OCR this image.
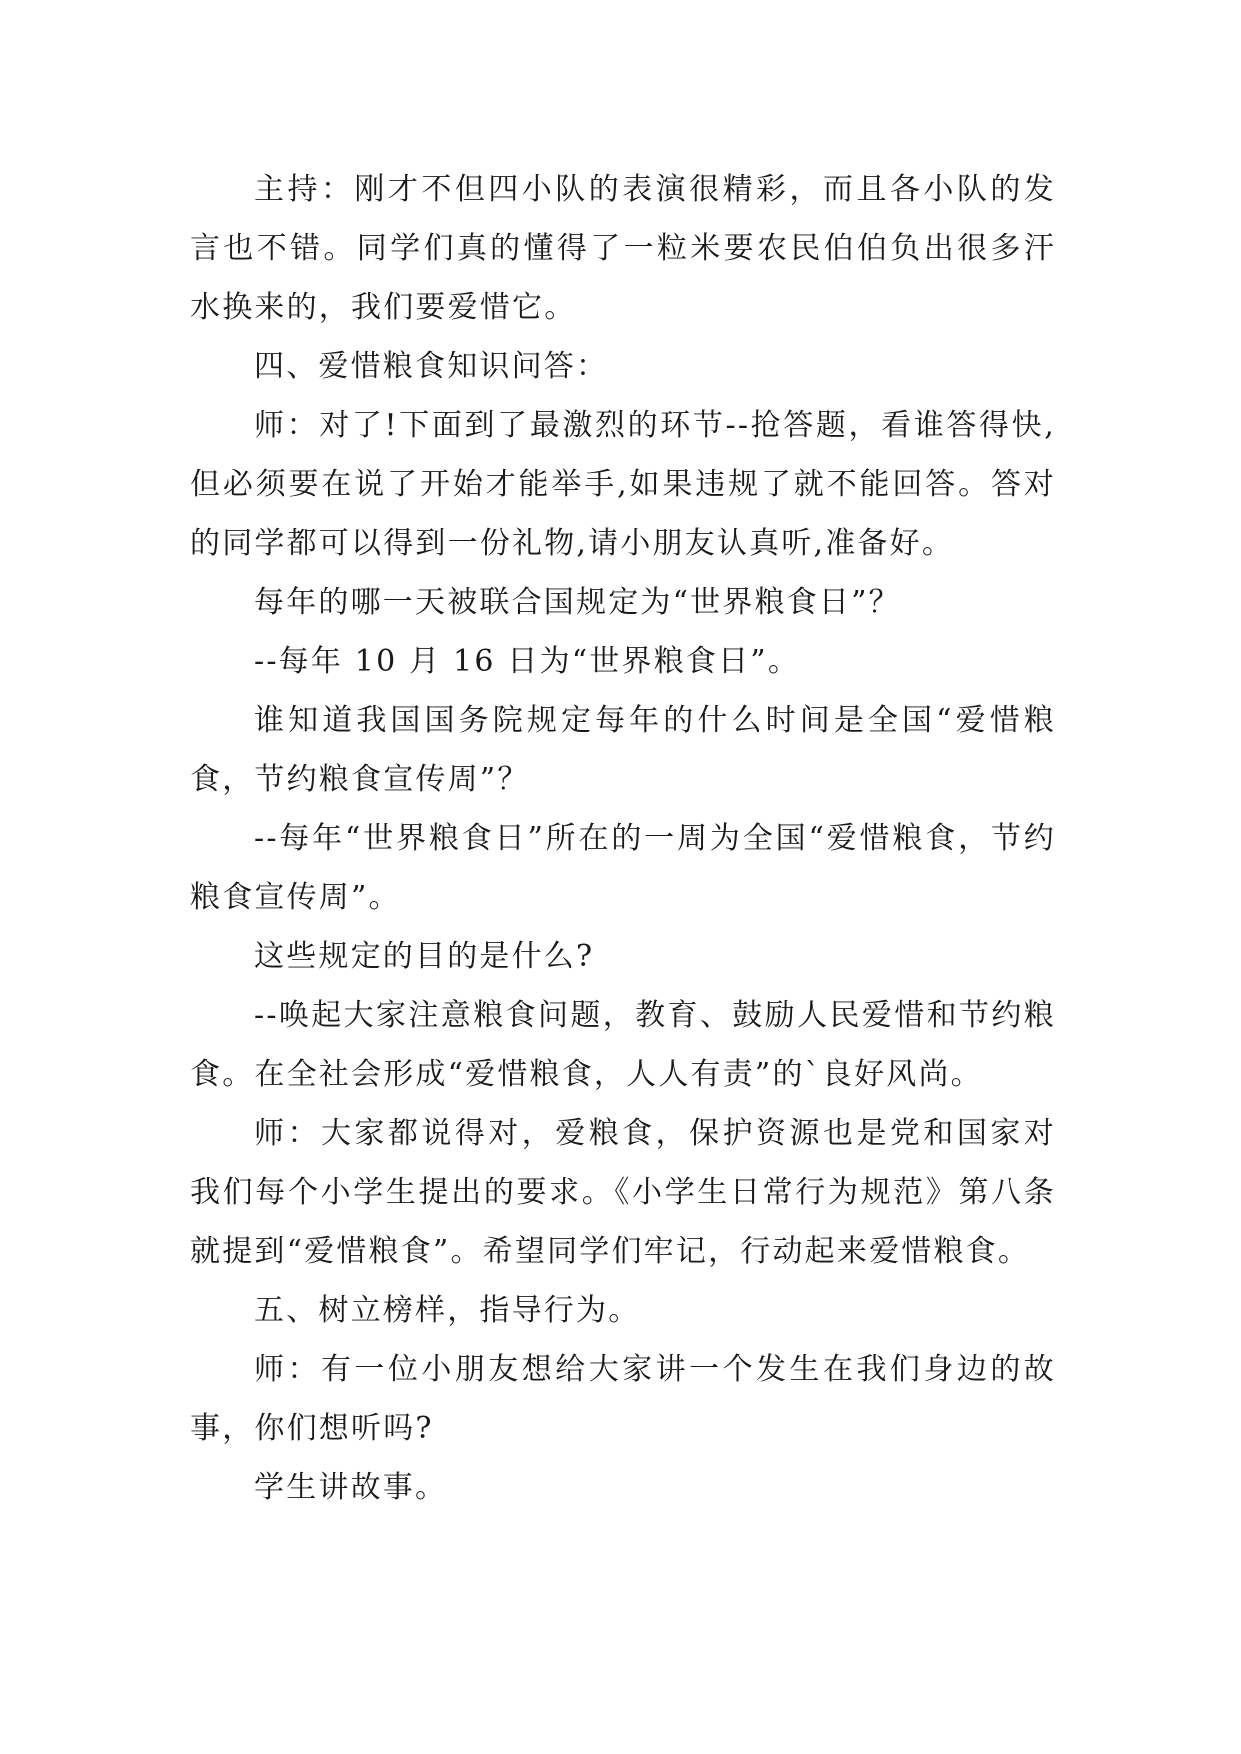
主持：刚才不但四小队的表演很精彩，而且各小队的发言也不错。同学们真的懂得了一粒米要农民伯伯负出很多汗水换来的，我们要爱惜它。

四、爱惜粮食知识问答：

师：对了!下面到了最激烈的环节--抢答题，看谁答得快,但必须要在说了开始才能举手,如果违规了就不能回答。答对的同学都可以得到一份礼物,请小朋友认真听,准备好。

每年的哪一天被联合国规定为“世界粮食日”？

--每年 10 月 16 日为“世界粮食日”。

谁知道我国国务院规定每年的什么时间是全国“爱惜粮食，节约粮食宣传周”？

--每年“世界粮食日”所在的一周为全国“爱惜粮食，节约粮食宣传周”。

这些规定的目的是什么?

--唤起大家注意粮食问题，教育、鼓励人民爱惜和节约粮食。在全社会形成“爱惜粮食，人人有责”的`良好风尚。

师：大家都说得对，爱粮食，保护资源也是党和国家对我们每个小学生提出的要求。《小学生日常行为规范》第八条就提到“爱惜粮食”。希望同学们牢记，行动起来爱惜粮食。

五、树立榜样，指导行为。

师：有一位小朋友想给大家讲一个发生在我们身边的故事，你们想听吗?

学生讲故事。
